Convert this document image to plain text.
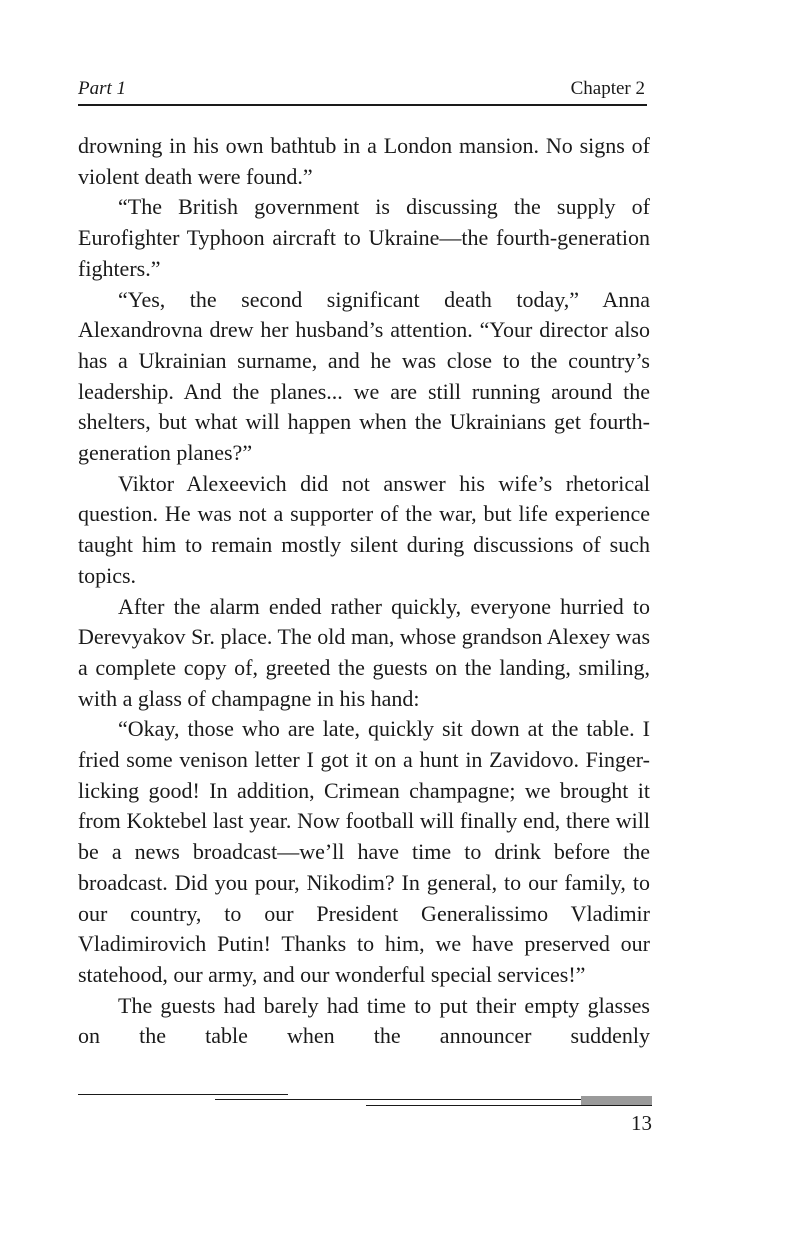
Part 1	Chapter 2

drowning in his own bathtub in a London mansion. No signs of violent death were found.”

“The British government is discussing the supply of Eurofighter Typhoon aircraft to Ukraine—the fourth-generation fighters.”

“Yes, the second significant death today,” Anna Alexandrovna drew her husband’s attention. “Your director also has a Ukrainian surname, and he was close to the country’s leadership. And the planes... we are still running around the shelters, but what will happen when the Ukrainians get fourth-generation planes?”

Viktor Alexeevich did not answer his wife’s rhetorical question. He was not a supporter of the war, but life experience taught him to remain mostly silent during discussions of such topics.

After the alarm ended rather quickly, everyone hurried to Derevyakov Sr. place. The old man, whose grandson Alexey was a complete copy of, greeted the guests on the landing, smiling, with a glass of champagne in his hand:

“Okay, those who are late, quickly sit down at the table. I fried some venison letter I got it on a hunt in Zavidovo. Finger-licking good! In addition, Crimean champagne; we brought it from Koktebel last year. Now football will finally end, there will be a news broadcast—we’ll have time to drink before the broadcast. Did you pour, Nikodim? In general, to our family, to our country, to our President Generalissimo Vladimir Vladimirovich Putin! Thanks to him, we have preserved our statehood, our army, and our wonderful special services!”

The guests had barely had time to put their empty glasses on the table when the announcer suddenly

13
